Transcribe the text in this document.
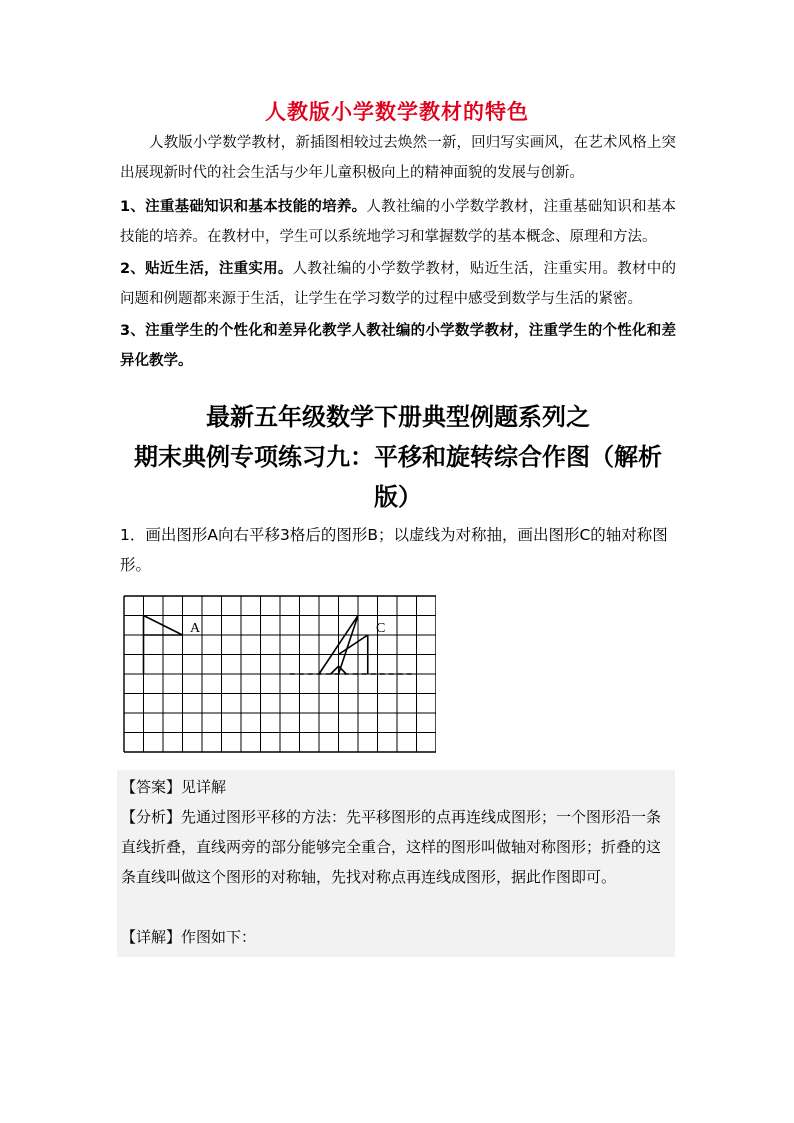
人教版小学数学教材的特色
人教版小学数学教材，新插图相较过去焕然一新，回归写实画风，在艺术风格上突出展现新时代的社会生活与少年儿童积极向上的精神面貌的发展与创新。
1、注重基础知识和基本技能的培养。人教社编的小学数学教材，注重基础知识和基本技能的培养。在教材中，学生可以系统地学习和掌握数学的基本概念、原理和方法。
2、贴近生活，注重实用。人教社编的小学数学教材，贴近生活，注重实用。教材中的问题和例题都来源于生活，让学生在学习数学的过程中感受到数学与生活的紧密。
3、注重学生的个性化和差异化教学人教社编的小学数学教材，注重学生的个性化和差异化教学。
最新五年级数学下册典型例题系列之
期末典例专项练习九：平移和旋转综合作图（解析版）
1．画出图形A向右平移3格后的图形B；以虚线为对称抽，画出图形C的轴对称图形。
A	C
【答案】见详解
【分析】先通过图形平移的方法：先平移图形的点再连线成图形；一个图形沿一条直线折叠，直线两旁的部分能够完全重合，这样的图形叫做轴对称图形；折叠的这条直线叫做这个图形的对称轴，先找对称点再连线成图形，据此作图即可。
【详解】作图如下：
